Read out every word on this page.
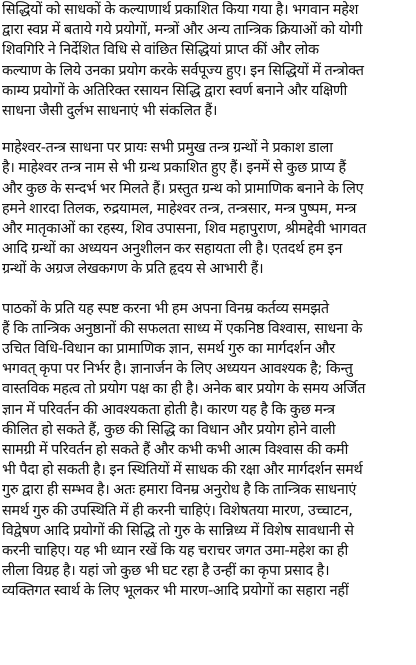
सिद्धियों को साधकों के कल्याणार्थ प्रकाशित किया गया है। भगवान महेश
द्वारा स्वप्न में बताये गये प्रयोगों, मन्त्रों और अन्य तान्त्रिक क्रियाओं को योगी
शिवगिरि ने निर्देशित विधि से वांछित सिद्धियां प्राप्त कीं और लोक
कल्याण के लिये उनका प्रयोग करके सर्वपूज्य हुए। इन सिद्धियों में तन्त्रोक्त
काम्य प्रयोगों के अतिरिक्त रसायन सिद्धि द्वारा स्वर्ण बनाने और यक्षिणी
साधना जैसी दुर्लभ साधनाएं भी संकलित हैं।
माहेश्वर-तन्त्र साधना पर प्रायः सभी प्रमुख तन्त्र ग्रन्थों ने प्रकाश डाला
है। माहेश्वर तन्त्र नाम से भी ग्रन्थ प्रकाशित हुए हैं। इनमें से कुछ प्राप्य हैं
और कुछ के सन्दर्भ भर मिलते हैं। प्रस्तुत ग्रन्थ को प्रामाणिक बनाने के लिए
हमने शारदा तिलक, रुद्रयामल, माहेश्वर तन्त्र, तन्त्रसार, मन्त्र पुष्पम, मन्त्र
और मातृकाओं का रहस्य, शिव उपासना, शिव महापुराण, श्रीमद्देवी भागवत
आदि ग्रन्थों का अध्ययन अनुशीलन कर सहायता ली है। एतदर्थ हम इन
ग्रन्थों के अग्रज लेखकगण के प्रति हृदय से आभारी हैं।
पाठकों के प्रति यह स्पष्ट करना भी हम अपना विनम्र कर्तव्य समझते
हैं कि तान्त्रिक अनुष्ठानों की सफलता साध्य में एकनिष्ठ विश्वास, साधना के
उचित विधि-विधान का प्रामाणिक ज्ञान, समर्थ गुरु का मार्गदर्शन और
भगवत् कृपा पर निर्भर है। ज्ञानार्जन के लिए अध्ययन आवश्यक है; किन्तु
वास्तविक महत्व तो प्रयोग पक्ष का ही है। अनेक बार प्रयोग के समय अर्जित
ज्ञान में परिवर्तन की आवश्यकता होती है। कारण यह है कि कुछ मन्त्र
कीलित हो सकते हैं, कुछ की सिद्धि का विधान और प्रयोग होने वाली
सामग्री में परिवर्तन हो सकते हैं और कभी कभी आत्म विश्वास की कमी
भी पैदा हो सकती है। इन स्थितियों में साधक की रक्षा और मार्गदर्शन समर्थ
गुरु द्वारा ही सम्भव है। अतः हमारा विनम्र अनुरोध है कि तान्त्रिक साधनाएं
समर्थ गुरु की उपस्थिति में ही करनी चाहिएं। विशेषतया मारण, उच्चाटन,
विद्वेषण आदि प्रयोगों की सिद्धि तो गुरु के सान्निध्य में विशेष सावधानी से
करनी चाहिए। यह भी ध्यान रखें कि यह चराचर जगत उमा-महेश का ही
लीला विग्रह है। यहां जो कुछ भी घट रहा है उन्हीं का कृपा प्रसाद है।
व्यक्तिगत स्वार्थ के लिए भूलकर भी मारण-आदि प्रयोगों का सहारा नहीं
